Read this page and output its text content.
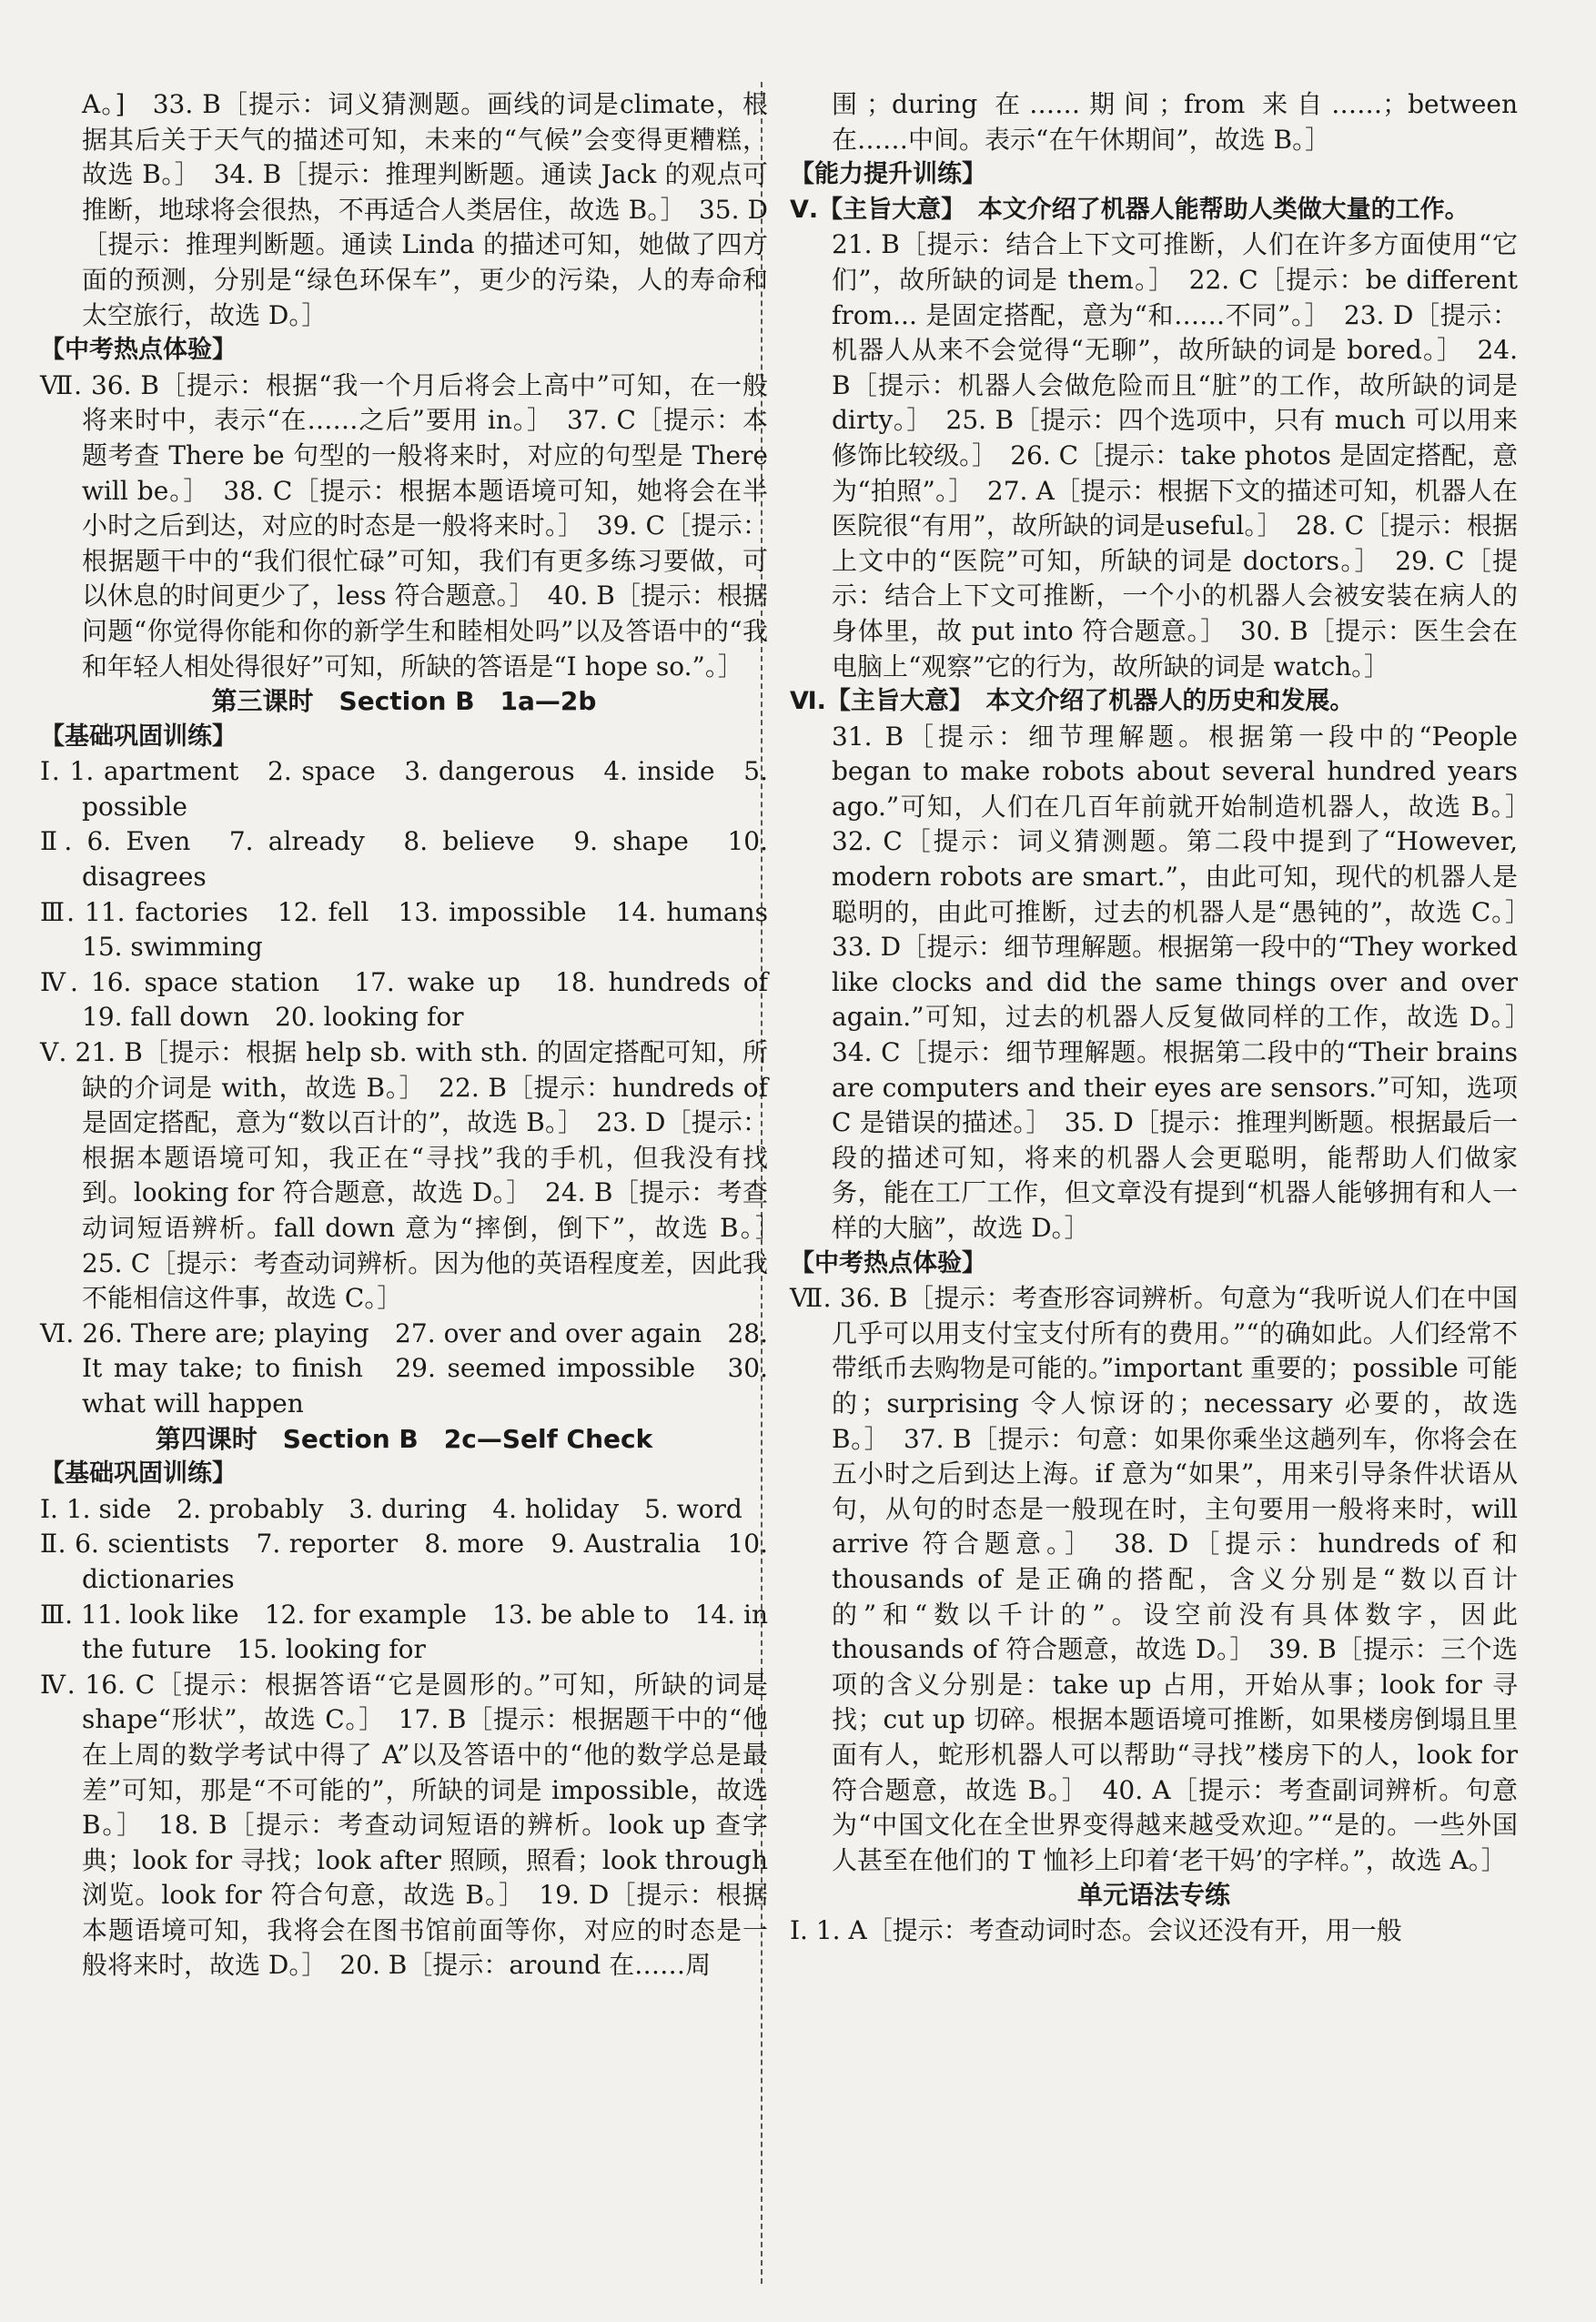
A。]　33. B［提示：词义猜测题。画线的词是climate，根据其后关于天气的描述可知，未来的“气候”会变得更糟糕，故选 B。］　34. B［提示：推理判断题。通读 Jack 的观点可推断，地球将会很热，不再适合人类居住，故选 B。］　35. D［提示：推理判断题。通读 Linda 的描述可知，她做了四方面的预测，分别是“绿色环保车”，更少的污染，人的寿命和太空旅行，故选 D。］

【中考热点体验】

Ⅶ. 36. B［提示：根据“我一个月后将会上高中”可知，在一般将来时中，表示“在……之后”要用 in。］　37. C［提示：本题考查 There be 句型的一般将来时，对应的句型是 There will be。］　38. C［提示：根据本题语境可知，她将会在半小时之后到达，对应的时态是一般将来时。］　39. C［提示：根据题干中的“我们很忙碌”可知，我们有更多练习要做，可以休息的时间更少了，less 符合题意。］　40. B［提示：根据问题“你觉得你能和你的新学生和睦相处吗”以及答语中的“我和年轻人相处得很好”可知，所缺的答语是“I hope so.”。］

第三课时　Section B　1a—2b

【基础巩固训练】

Ⅰ. 1. apartment　2. space　3. dangerous　4. inside　5. possible

Ⅱ. 6. Even　7. already　8. believe　9. shape　10. disagrees

Ⅲ. 11. factories　12. fell　13. impossible　14. humans　15. swimming

Ⅳ. 16. space station　17. wake up　18. hundreds of　19. fall down　20. looking for

Ⅴ. 21. B［提示：根据 help sb. with sth. 的固定搭配可知，所缺的介词是 with，故选 B。］　22. B［提示：hundreds of 是固定搭配，意为“数以百计的”，故选 B。］　23. D［提示：根据本题语境可知，我正在“寻找”我的手机，但我没有找到。looking for 符合题意，故选 D。］　24. B［提示：考查动词短语辨析。fall down 意为“摔倒，倒下”，故选 B。］　25. C［提示：考查动词辨析。因为他的英语程度差，因此我不能相信这件事，故选 C。］

Ⅵ. 26. There are; playing　27. over and over again　28. It may take; to finish　29. seemed impossible　30. what will happen

第四课时　Section B　2c—Self Check

【基础巩固训练】

Ⅰ. 1. side　2. probably　3. during　4. holiday　5. word

Ⅱ. 6. scientists　7. reporter　8. more　9. Australia　10. dictionaries

Ⅲ. 11. look like　12. for example　13. be able to　14. in the future　15. looking for

Ⅳ. 16. C［提示：根据答语“它是圆形的。”可知，所缺的词是 shape“形状”，故选 C。］　17. B［提示：根据题干中的“他在上周的数学考试中得了 A”以及答语中的“他的数学总是最差”可知，那是“不可能的”，所缺的词是 impossible，故选 B。］　18. B［提示：考查动词短语的辨析。look up 查字典；look for 寻找；look after 照顾，照看；look through 浏览。look for 符合句意，故选 B。］　19. D［提示：根据本题语境可知，我将会在图书馆前面等你，对应的时态是一般将来时，故选 D。］　20. B［提示：around 在……周

围；during 在……期间；from 来自……；between 在……中间。表示“在午休期间”，故选 B。］

【能力提升训练】

Ⅴ.【主旨大意】　本文介绍了机器人能帮助人类做大量的工作。

21. B［提示：结合上下文可推断，人们在许多方面使用“它们”，故所缺的词是 them。］　22. C［提示：be different from... 是固定搭配，意为“和……不同”。］　23. D［提示：机器人从来不会觉得“无聊”，故所缺的词是 bored。］　24. B［提示：机器人会做危险而且“脏”的工作，故所缺的词是 dirty。］　25. B［提示：四个选项中，只有 much 可以用来修饰比较级。］　26. C［提示：take photos 是固定搭配，意为“拍照”。］　27. A［提示：根据下文的描述可知，机器人在医院很“有用”，故所缺的词是useful。］　28. C［提示：根据上文中的“医院”可知，所缺的词是 doctors。］　29. C［提示：结合上下文可推断，一个小的机器人会被安装在病人的身体里，故 put into 符合题意。］　30. B［提示：医生会在电脑上“观察”它的行为，故所缺的词是 watch。］

Ⅵ.【主旨大意】　本文介绍了机器人的历史和发展。

31. B［提示：细节理解题。根据第一段中的“People began to make robots about several hundred years ago.”可知，人们在几百年前就开始制造机器人，故选 B。］　32. C［提示：词义猜测题。第二段中提到了“However, modern robots are smart.”，由此可知，现代的机器人是聪明的，由此可推断，过去的机器人是“愚钝的”，故选 C。］　33. D［提示：细节理解题。根据第一段中的“They worked like clocks and did the same things over and over again.”可知，过去的机器人反复做同样的工作，故选 D。］　34. C［提示：细节理解题。根据第二段中的“Their brains are computers and their eyes are sensors.”可知，选项 C 是错误的描述。］　35. D［提示：推理判断题。根据最后一段的描述可知，将来的机器人会更聪明，能帮助人们做家务，能在工厂工作，但文章没有提到“机器人能够拥有和人一样的大脑”，故选 D。］

【中考热点体验】

Ⅶ. 36. B［提示：考查形容词辨析。句意为“我听说人们在中国几乎可以用支付宝支付所有的费用。”“的确如此。人们经常不带纸币去购物是可能的。”important 重要的；possible 可能的；surprising 令人惊讶的；necessary 必要的，故选 B。］　37. B［提示：句意：如果你乘坐这趟列车，你将会在五小时之后到达上海。if 意为“如果”，用来引导条件状语从句，从句的时态是一般现在时，主句要用一般将来时，will arrive 符合题意。］　38. D［提示：hundreds of 和 thousands of 是正确的搭配，含义分别是“数以百计的”和“数以千计的”。设空前没有具体数字，因此 thousands of 符合题意，故选 D。］　39. B［提示：三个选项的含义分别是：take up 占用，开始从事；look for 寻找；cut up 切碎。根据本题语境可推断，如果楼房倒塌且里面有人，蛇形机器人可以帮助“寻找”楼房下的人，look for 符合题意，故选 B。］　40. A［提示：考查副词辨析。句意为“中国文化在全世界变得越来越受欢迎。”“是的。一些外国人甚至在他们的 T 恤衫上印着‘老干妈’的字样。”，故选 A。］

单元语法专练

Ⅰ. 1. A［提示：考查动词时态。会议还没有开，用一般
